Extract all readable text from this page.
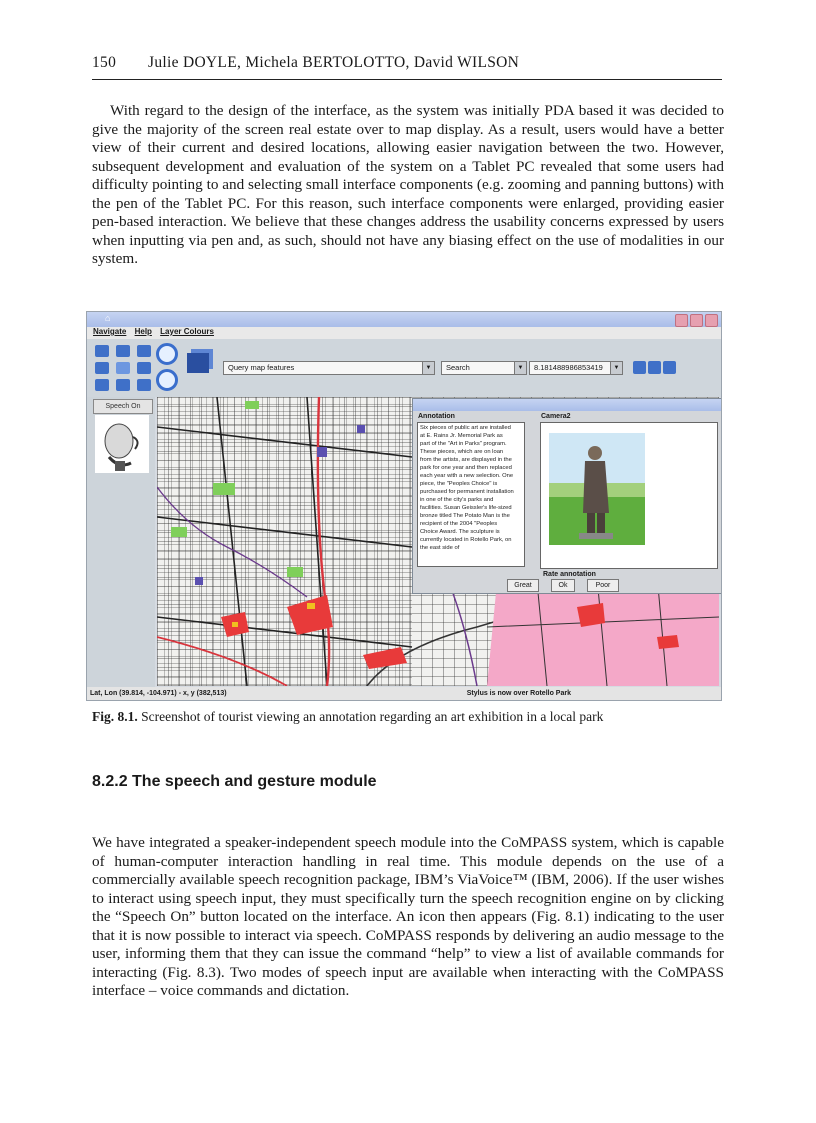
150 Julie DOYLE, Michela BERTOLOTTO, David WILSON

With regard to the design of the interface, as the system was initially PDA based it was decided to give the majority of the screen real estate over to map display. As a result, users would have a better view of their current and desired locations, allowing easier navigation between the two. However, subsequent development and evaluation of the system on a Tablet PC revealed that some users had difficulty pointing to and selecting small interface components (e.g. zooming and panning buttons) with the pen of the Tablet PC. For this reason, such interface components were enlarged, providing easier pen-based interaction. We believe that these changes address the usability concerns expressed by users when inputting via pen and, as such, should not have any biasing effect on the use of modalities in our system.

⌂
Navigate Help Layer Colours
Query map features	▼	Search	▼	8.181488986853419	▼
Speech On
Annotation	Camera2
Six pieces of public art are installed at E. Rains Jr. Memorial Park as part of the "Art in Parks" program. These pieces, which are on loan from the artists, are displayed in the park for one year and then replaced each year with a new selection. One piece, the "Peoples Choice" is purchased for permanent installation in one of the city's parks and facilities. Susan Geissler's life-sized bronze titled The Potato Man is the recipient of the 2004 "Peoples Choice Award. The sculpture is currently located in Rotello Park, on the east side of
Rate annotation
Great	Ok	Poor
Lat, Lon (39.814, -104.971) - x, y (382,513)	Stylus is now over Rotello Park
Fig. 8.1. Screenshot of tourist viewing an annotation regarding an art exhibition in a local park
8.2.2 The speech and gesture module

We have integrated a speaker-independent speech module into the CoMPASS system, which is capable of human-computer interaction handling in real time. This module depends on the use of a commercially available speech recognition package, IBM’s ViaVoice™ (IBM, 2006). If the user wishes to interact using speech input, they must specifically turn the speech recognition engine on by clicking the “Speech On” button located on the interface. An icon then appears (Fig. 8.1) indicating to the user that it is now possible to interact via speech. CoMPASS responds by delivering an audio message to the user, informing them that they can issue the command “help” to view a list of available commands for interacting (Fig. 8.3). Two modes of speech input are available when interacting with the CoMPASS interface – voice commands and dictation.
